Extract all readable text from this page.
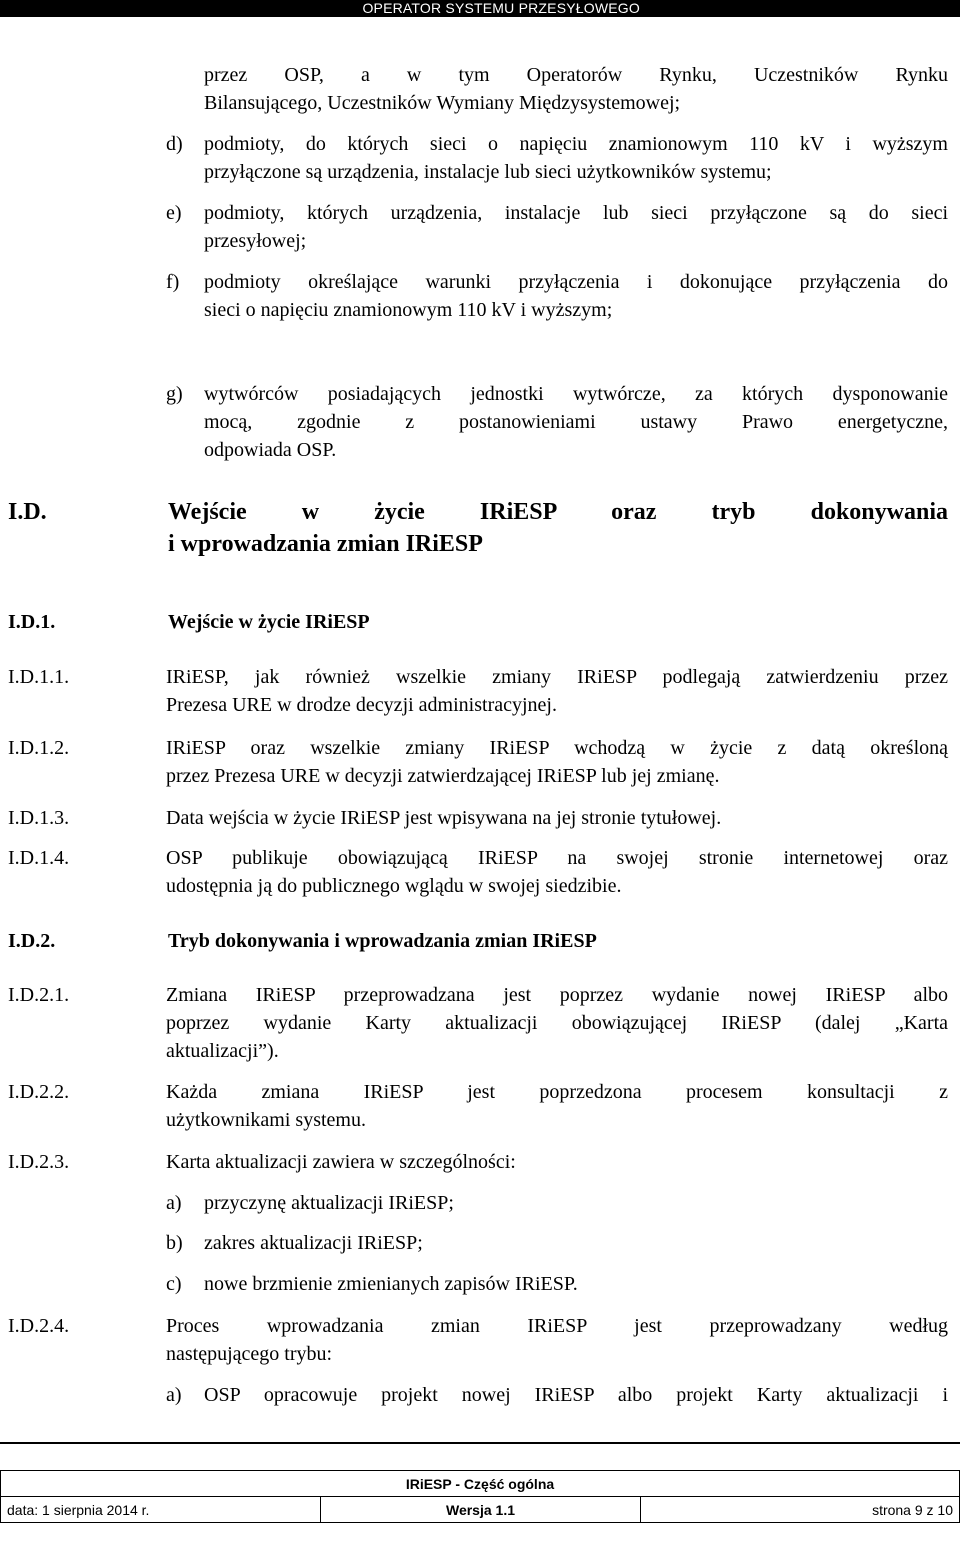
OPERATOR SYSTEMU PRZESYŁOWEGO
przez OSP, a w tym Operatorów Rynku, Uczestników Rynku
Bilansującego, Uczestników Wymiany Międzysystemowej;
d) podmioty, do których sieci o napięciu znamionowym 110 kV i wyższym
przyłączone są urządzenia, instalacje lub sieci użytkowników systemu;
e) podmioty, których urządzenia, instalacje lub sieci przyłączone są do sieci
przesyłowej;
f) podmioty określające warunki przyłączenia i dokonujące przyłączenia do
sieci o napięciu znamionowym 110 kV i wyższym;
g) wytwórców posiadających jednostki wytwórcze, za których dysponowanie
mocą, zgodnie z postanowieniami ustawy Prawo energetyczne,
odpowiada OSP.
I.D.	Wejście w życie IRiESP oraz tryb dokonywania
i wprowadzania zmian IRiESP
I.D.1.	Wejście w życie IRiESP
I.D.1.1.	IRiESP, jak również wszelkie zmiany IRiESP podlegają zatwierdzeniu przez
Prezesa URE w drodze decyzji administracyjnej.
I.D.1.2.	IRiESP oraz wszelkie zmiany IRiESP wchodzą w życie z datą określoną
przez Prezesa URE w decyzji zatwierdzającej IRiESP lub jej zmianę.
I.D.1.3.	Data wejścia w życie IRiESP jest wpisywana na jej stronie tytułowej.
I.D.1.4.	OSP publikuje obowiązującą IRiESP na swojej stronie internetowej oraz
udostępnia ją do publicznego wglądu w swojej siedzibie.
I.D.2.	Tryb dokonywania i wprowadzania zmian IRiESP
I.D.2.1.	Zmiana IRiESP przeprowadzana jest poprzez wydanie nowej IRiESP albo
poprzez wydanie Karty aktualizacji obowiązującej IRiESP (dalej „Karta
aktualizacji”).
I.D.2.2.	Każda zmiana IRiESP jest poprzedzona procesem konsultacji z
użytkownikami systemu.
I.D.2.3.	Karta aktualizacji zawiera w szczególności:
a) przyczynę aktualizacji IRiESP;
b) zakres aktualizacji IRiESP;
c) nowe brzmienie zmienianych zapisów IRiESP.
I.D.2.4.	Proces wprowadzania zmian IRiESP jest przeprowadzany według
następującego trybu:
a) OSP opracowuje projekt nowej IRiESP albo projekt Karty aktualizacji i
IRiESP - Część ogólna
data: 1 sierpnia 2014 r.	Wersja 1.1	strona 9 z 10
